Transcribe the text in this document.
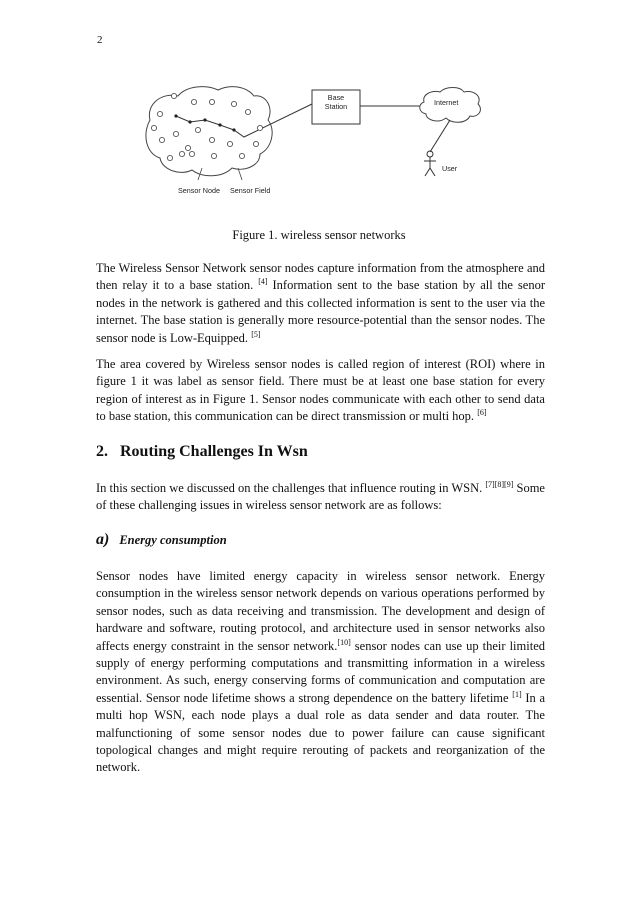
2
Base
Station	Internet
User
Sensor Node Sensor Field
Figure 1. wireless sensor networks

The Wireless Sensor Network sensor nodes capture information from the atmosphere and then relay it to a base station. [4] Information sent to the base station by all the senor nodes in the network is gathered and this collected information is sent to the user via the internet. The base station is generally more resource-potential than the sensor nodes. The sensor node is Low-Equipped. [5]

The area covered by Wireless sensor nodes is called region of interest (ROI) where in figure 1 it was label as sensor field. There must be at least one base station for every region of interest as in Figure 1. Sensor nodes communicate with each other to send data to base station, this communication can be direct transmission or multi hop. [6]

2.   Routing Challenges In Wsn

In this section we discussed on the challenges that influence routing in WSN. [7][8][9] Some of these challenging issues in wireless sensor network are as follows:

a) Energy consumption

Sensor nodes have limited energy capacity in wireless sensor network. Energy consumption in the wireless sensor network depends on various operations performed by sensor nodes, such as data receiving and transmission. The development and design of hardware and software, routing protocol, and architecture used in sensor networks also affects energy constraint in the sensor network.[10] sensor nodes can use up their limited supply of energy performing computations and transmitting information in a wireless environment. As such, energy conserving forms of communication and computation are essential. Sensor node lifetime shows a strong dependence on the battery lifetime [1] In a multi hop WSN, each node plays a dual role as data sender and data router. The malfunctioning of some sensor nodes due to power failure can cause significant topological changes and might require rerouting of packets and reorganization of the network.
